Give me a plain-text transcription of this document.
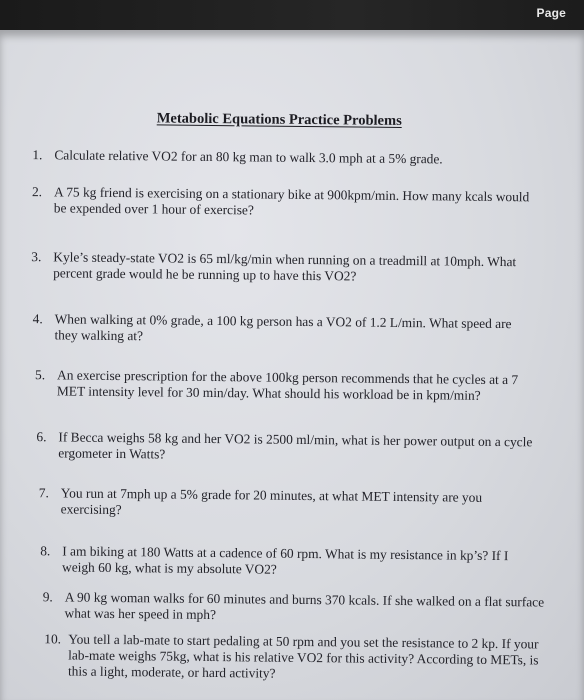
Page
Metabolic Equations Practice Problems
1. Calculate relative VO2 for an 80 kg man to walk 3.0 mph at a 5% grade.
2. A 75 kg friend is exercising on a stationary bike at 900kpm/min. How many kcals would
be expended over 1 hour of exercise?
3. Kyle’s steady-state VO2 is 65 ml/kg/min when running on a treadmill at 10mph. What
percent grade would he be running up to have this VO2?
4. When walking at 0% grade, a 100 kg person has a VO2 of 1.2 L/min. What speed are
they walking at?
5. An exercise prescription for the above 100kg person recommends that he cycles at a 7
MET intensity level for 30 min/day. What should his workload be in kpm/min?
6. If Becca weighs 58 kg and her VO2 is 2500 ml/min, what is her power output on a cycle
ergometer in Watts?
7. You run at 7mph up a 5% grade for 20 minutes, at what MET intensity are you
exercising?
8. I am biking at 180 Watts at a cadence of 60 rpm. What is my resistance in kp’s? If I
weigh 60 kg, what is my absolute VO2?
9. A 90 kg woman walks for 60 minutes and burns 370 kcals. If she walked on a flat surface
what was her speed in mph?
10. You tell a lab-mate to start pedaling at 50 rpm and you set the resistance to 2 kp. If your
lab-mate weighs 75kg, what is his relative VO2 for this activity? According to METs, is
this a light, moderate, or hard activity?
